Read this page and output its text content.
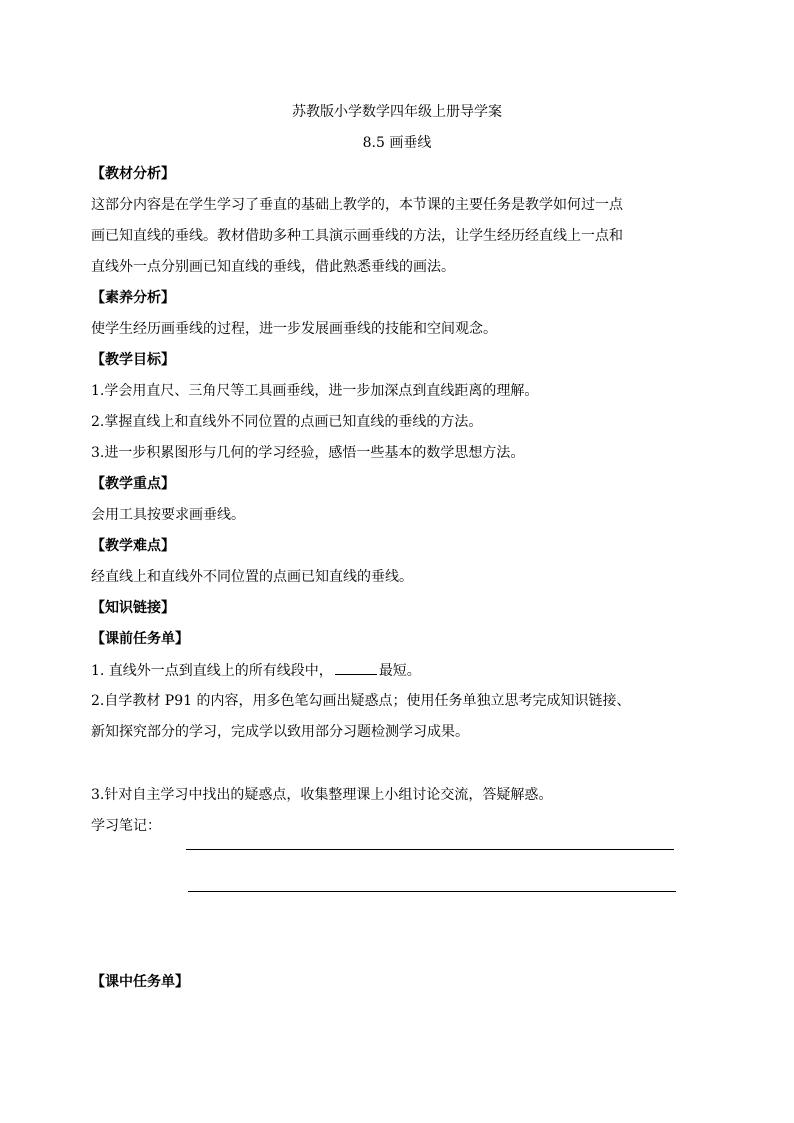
苏教版小学数学四年级上册导学案
8.5 画垂线
【教材分析】
这部分内容是在学生学习了垂直的基础上教学的，本节课的主要任务是教学如何过一点
画已知直线的垂线。教材借助多种工具演示画垂线的方法，让学生经历经直线上一点和
直线外一点分别画已知直线的垂线，借此熟悉垂线的画法。
【素养分析】
使学生经历画垂线的过程，进一步发展画垂线的技能和空间观念。
【教学目标】
1.学会用直尺、三角尺等工具画垂线，进一步加深点到直线距离的理解。
2.掌握直线上和直线外不同位置的点画已知直线的垂线的方法。
3.进一步积累图形与几何的学习经验，感悟一些基本的数学思想方法。
【教学重点】
会用工具按要求画垂线。
【教学难点】
经直线上和直线外不同位置的点画已知直线的垂线。
【知识链接】
【课前任务单】
1. 直线外一点到直线上的所有线段中，	最短。
2.自学教材 P91 的内容，用多色笔勾画出疑惑点；使用任务单独立思考完成知识链接、
新知探究部分的学习，完成学以致用部分习题检测学习成果。
3.针对自主学习中找出的疑惑点，收集整理课上小组讨论交流，答疑解惑。
学习笔记：
【课中任务单】
